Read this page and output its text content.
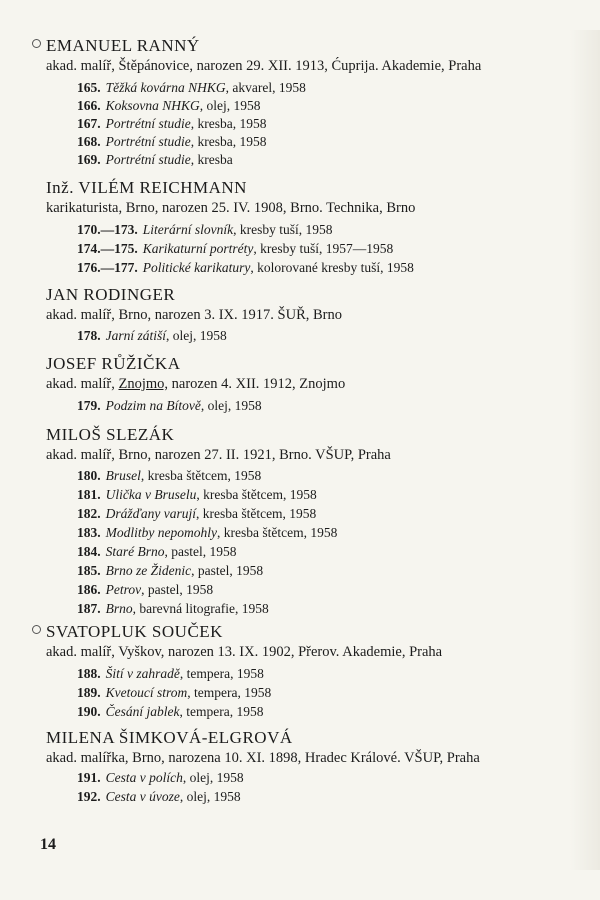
EMANUEL RANNÝ
akad. malíř, Štěpánovice, narozen 29. XII. 1913, Ćuprija. Akademie, Praha
165. Těžká kovárna NHKG, akvarel, 1958
166. Koksovna NHKG, olej, 1958
167. Portrétní studie, kresba, 1958
168. Portrétní studie, kresba, 1958
169. Portrétní studie, kresba
Inž. VILÉM REICHMANN
karikaturista, Brno, narozen 25. IV. 1908, Brno. Technika, Brno
170.—173. Literární slovník, kresby tuší, 1958
174.—175. Karikaturní portréty, kresby tuší, 1957—1958
176.—177. Politické karikatury, kolorované kresby tuší, 1958
JAN RODINGER
akad. malíř, Brno, narozen 3. IX. 1917. ŠUŘ, Brno
178. Jarní zátiší, olej, 1958
JOSEF RŮŽIČKA
akad. malíř, Znojmo, narozen 4. XII. 1912, Znojmo
179. Podzim na Bítově, olej, 1958
MILOŠ SLEZÁK
akad. malíř, Brno, narozen 27. II. 1921, Brno. VŠUP, Praha
180. Brusel, kresba štětcem, 1958
181. Ulička v Bruselu, kresba štětcem, 1958
182. Drážďany varují, kresba štětcem, 1958
183. Modlitby nepomohly, kresba štětcem, 1958
184. Staré Brno, pastel, 1958
185. Brno ze Židenic, pastel, 1958
186. Petrov, pastel, 1958
187. Brno, barevná litografie, 1958
SVATOPLUK SOUČEK
akad. malíř, Vyškov, narozen 13. IX. 1902, Přerov. Akademie, Praha
188. Šití v zahradě, tempera, 1958
189. Kvetoucí strom, tempera, 1958
190. Česání jablek, tempera, 1958
MILENA ŠIMKOVÁ-ELGROVÁ
akad. malířka, Brno, narozena 10. XI. 1898, Hradec Králové. VŠUP, Praha
191. Cesta v polích, olej, 1958
192. Cesta v úvoze, olej, 1958
14
